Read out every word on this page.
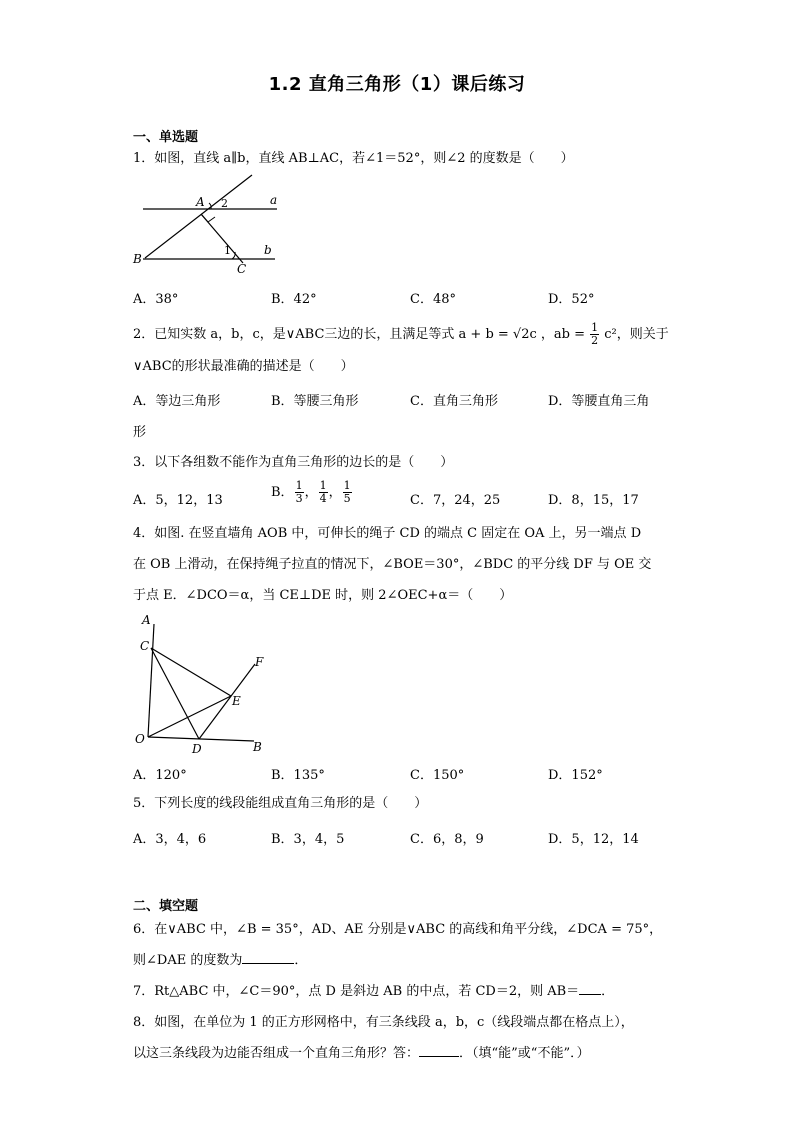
1.2 直角三角形（1）课后练习
一、单选题
1．如图，直线 a∥b，直线 AB⊥AC，若∠1＝52°，则∠2 的度数是（　　）
A
B
C
a
b
1
2
A．38°	B．42°	C．48°	D．52°
2．已知实数 a，b，c，是∨ABC三边的长，且满足等式 a + b = √2c ，ab = $\frac{1}{2} c^2$，则关于
∨ABC的形状最准确的描述是（　　）
A．等边三角形	B．等腰三角形	C．直角三角形	D．等腰直角三角
形
3．以下各组数不能作为直角三角形的边长的是（　　）
A．5，12，13
B． $\frac{1}{3}$ ， $\frac{1}{4}$ ， $\frac{1}{5}$	C．7，24，25	D．8，15，17
4．如图. 在竖直墙角 AOB 中，可伸长的绳子 CD 的端点 C 固定在 OA 上，另一端点 D
在 OB 上滑动，在保持绳子拉直的情况下，∠BOE＝30°，∠BDC 的平分线 DF 与 OE 交
于点 E．∠DCO＝α，当 CE⊥DE 时，则 2∠OEC+α＝（　　）
A
C
F
E
O
D	B
A．120°	B．135°	C．150°	D．152°
5．下列长度的线段能组成直角三角形的是（　　）
A．3，4，6	B．3，4，5	C．6，8，9	D．5，12，14
二、填空题
6．在∨ABC 中，∠B = 35°，AD、AE 分别是∨ABC 的高线和角平分线，∠DCA = 75°，
则∠DAE 的度数为	．
7．Rt△ABC 中，∠C＝90°，点 D 是斜边 AB 的中点，若 CD＝2，则 AB＝ ．
8．如图，在单位为 1 的正方形网格中，有三条线段 a，b，c（线段端点都在格点上），
以这三条线段为边能否组成一个直角三角形？答：	．（填“能”或“不能”．）
